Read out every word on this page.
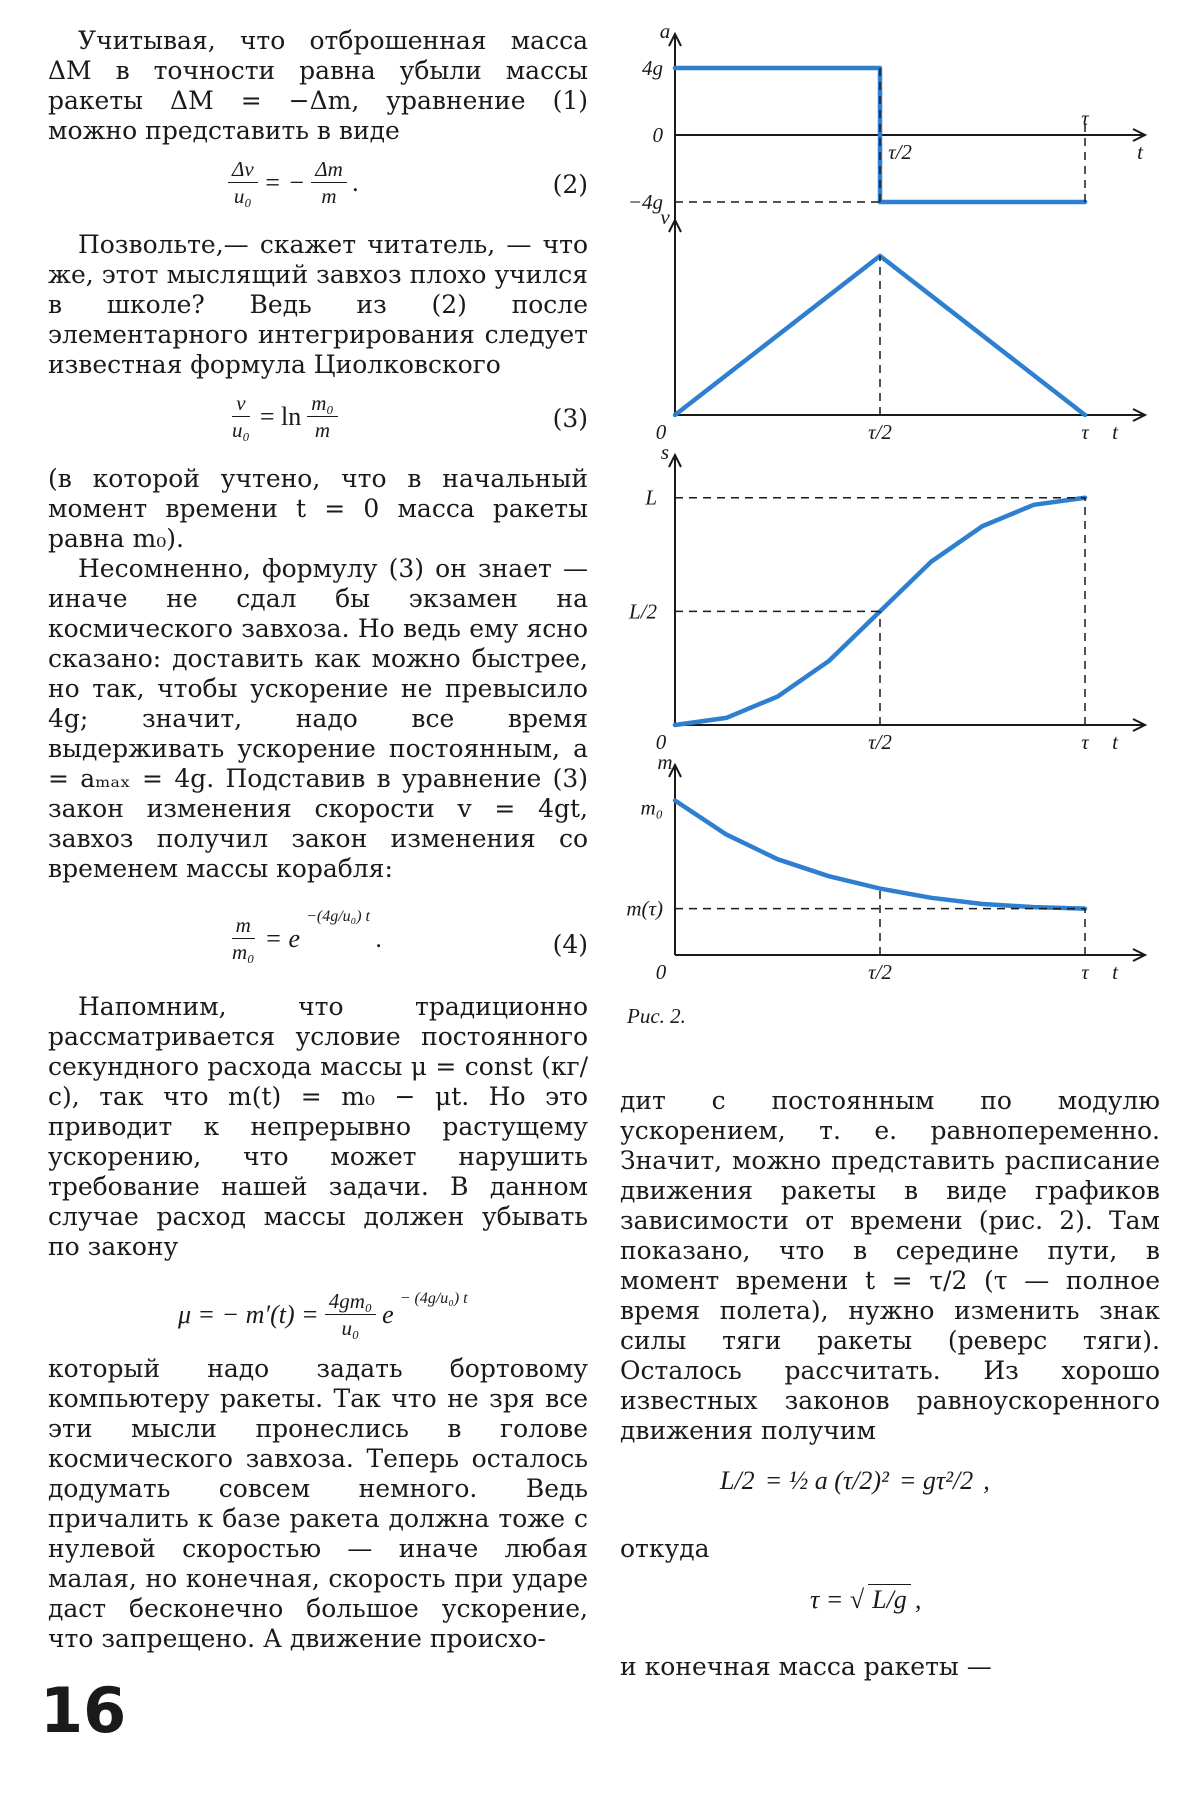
Учитывая, что отброшенная масса ΔM в точности равна убыли массы ракеты ΔM = −Δm, уравнение (1) можно представить в виде

$\frac{\Delta v}{\text{u₀}}$ = − $\frac{\Delta m}{m}$ .	(2)

Позвольте,— скажет читатель, — что же, этот мыслящий завхоз плохо учился в школе? Ведь из (2) после элементарного интегрирования следует известная формула Циолковского

$\frac{v}{\text{u₀}} = \ln \frac{\text{m₀}}{m}$	(3)

(в которой учтено, что в начальный момент времени t = 0 масса ракеты равна m₀).

Несомненно, формулу (3) он знает — иначе не сдал бы экзамен на космического завхоза. Но ведь ему ясно сказано: доставить как можно быстрее, но так, чтобы ускорение не превысило 4g; значит, надо все время выдерживать ускорение постоянным, a = aₘₐₓ = 4g. Подставив в уравнение (3) закон изменения скорости v = 4gt, завхоз получил закон изменения со временем массы корабля:

$\frac{m}{\text{m₀}} = e$
$^{-(4g/u_0) t}$
.	(4)

Напомним, что традиционно рассматривается условие постоянного секундного расхода массы μ = const (кг/с), так что m(t) = m₀ − μt. Но это приводит к непрерывно растущему ускорению, что может нарушить требование нашей задачи. В данном случае расход массы должен убывать по закону

μ = − $m'(t) = \frac{\text{4gm₀}}{\text{u₀}}$ e
$^{- (4g/u_0) t}$

который надо задать бортовому компьютеру ракеты. Так что не зря все эти мысли пронеслись в голове космического завхоза. Теперь осталось додумать совсем немного. Ведь причалить к базе ракета должна тоже с нулевой скоростью — иначе любая малая, но конечная, скорость при ударе даст бесконечно большое ускорение, что запрещено. А движение происхо-

a
4g
0
−4g
τ/2
τ
t
v
0	τ/2	τ t
s
L
L/2
0	τ/2	τ t
m
m₀
m(τ)
0	τ/2	τ t
Рис. 2.

дит с постоянным по модулю ускорением, т. е. равнопеременно. Значит, можно представить расписание движения ракеты в виде графиков зависимости от времени (рис. 2). Там показано, что в середине пути, в момент времени t = τ/2 (τ — полное время полета), нужно изменить знак силы тяги ракеты (реверс тяги). Осталось рассчитать. Из хорошо известных законов равноускоренного движения получим

L/2 = ½ a (τ/2)² = gτ²/2 ,

откуда

τ = √ L/g ,

и конечная масса ракеты —

16
